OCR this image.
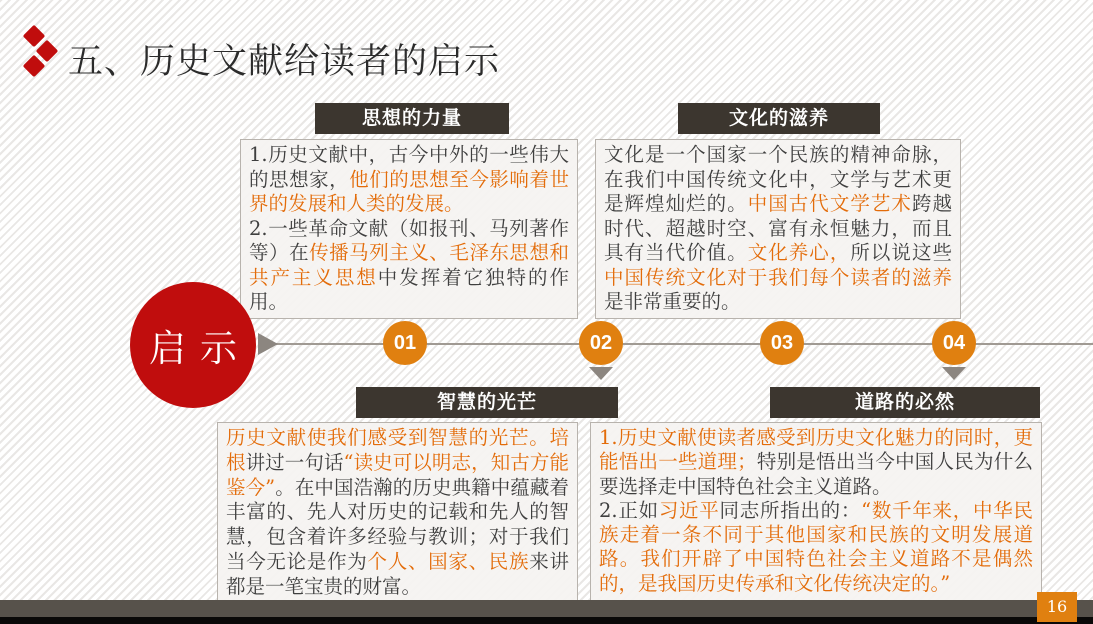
五、历史文献给读者的启示
思想的力量	文化的滋养
1.历史文献中，古今中外的一些伟大的思想家，他们的思想至今影响着世界的发展和人类的发展。
2.一些革命文献（如报刊、马列著作等）在传播马列主义、毛泽东思想和共产主义思想中发挥着它独特的作用。
文化是一个国家一个民族的精神命脉，在我们中国传统文化中，文学与艺术更是辉煌灿烂的。中国古代文学艺术跨越时代、超越时空、富有永恒魅力，而且具有当代价值。文化养心，所以说这些中国传统文化对于我们每个读者的滋养是非常重要的。
启示	01	02	03	04
智慧的光芒	道路的必然
历史文献使我们感受到智慧的光芒。培根讲过一句话“读史可以明志，知古方能鉴今”。在中国浩瀚的历史典籍中蕴藏着丰富的、先人对历史的记载和先人的智慧，包含着许多经验与教训；对于我们当今无论是作为个人、国家、民族来讲都是一笔宝贵的财富。
1.历史文献使读者感受到历史文化魅力的同时，更能悟出一些道理；特别是悟出当今中国人民为什么要选择走中国特色社会主义道路。
2.正如习近平同志所指出的：“数千年来，中华民族走着一条不同于其他国家和民族的文明发展道路。我们开辟了中国特色社会主义道路不是偶然的，是我国历史传承和文化传统决定的。”
16
